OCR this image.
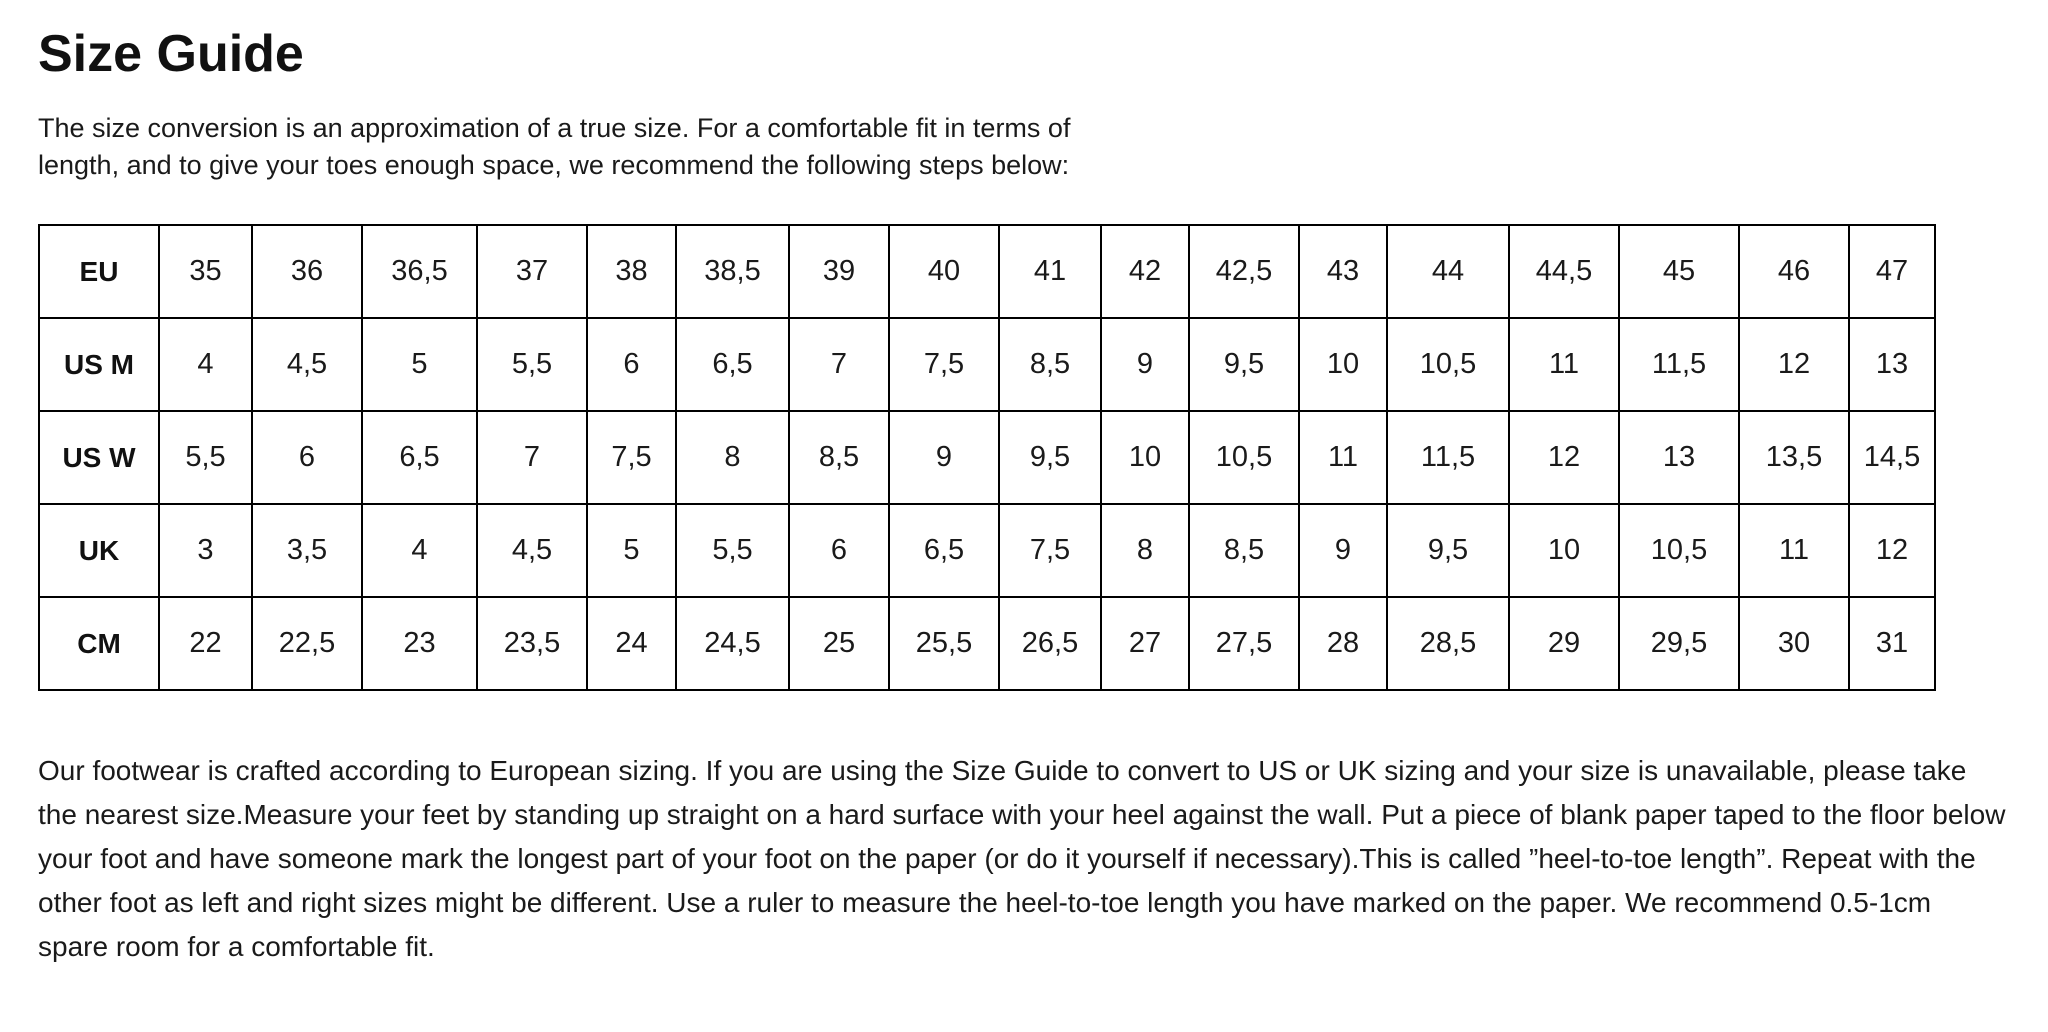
Size Guide

The size conversion is an approximation of a true size. For a comfortable fit in terms of length, and to give your toes enough space, we recommend the following steps below:

EU	35	36	36,5	37	38	38,5	39	40	41	42	42,5	43	44	44,5	45	46	47
US M	4	4,5	5	5,5	6	6,5	7	7,5	8,5	9	9,5	10	10,5	11	11,5	12	13
US W	5,5	6	6,5	7	7,5	8	8,5	9	9,5	10	10,5	11	11,5	12	13	13,5	14,5
UK	3	3,5	4	4,5	5	5,5	6	6,5	7,5	8	8,5	9	9,5	10	10,5	11	12
CM	22	22,5	23	23,5	24	24,5	25	25,5	26,5	27	27,5	28	28,5	29	29,5	30	31

Our footwear is crafted according to European sizing. If you are using the Size Guide to convert to US or UK sizing and your size is unavailable, please take the nearest size.Measure your feet by standing up straight on a hard surface with your heel against the wall. Put a piece of blank paper taped to the floor below your foot and have someone mark the longest part of your foot on the paper (or do it yourself if necessary).This is called ”heel-to-toe length”. Repeat with the other foot as left and right sizes might be different. Use a ruler to measure the heel-to-toe length you have marked on the paper. We recommend 0.5-1cm spare room for a comfortable fit.
